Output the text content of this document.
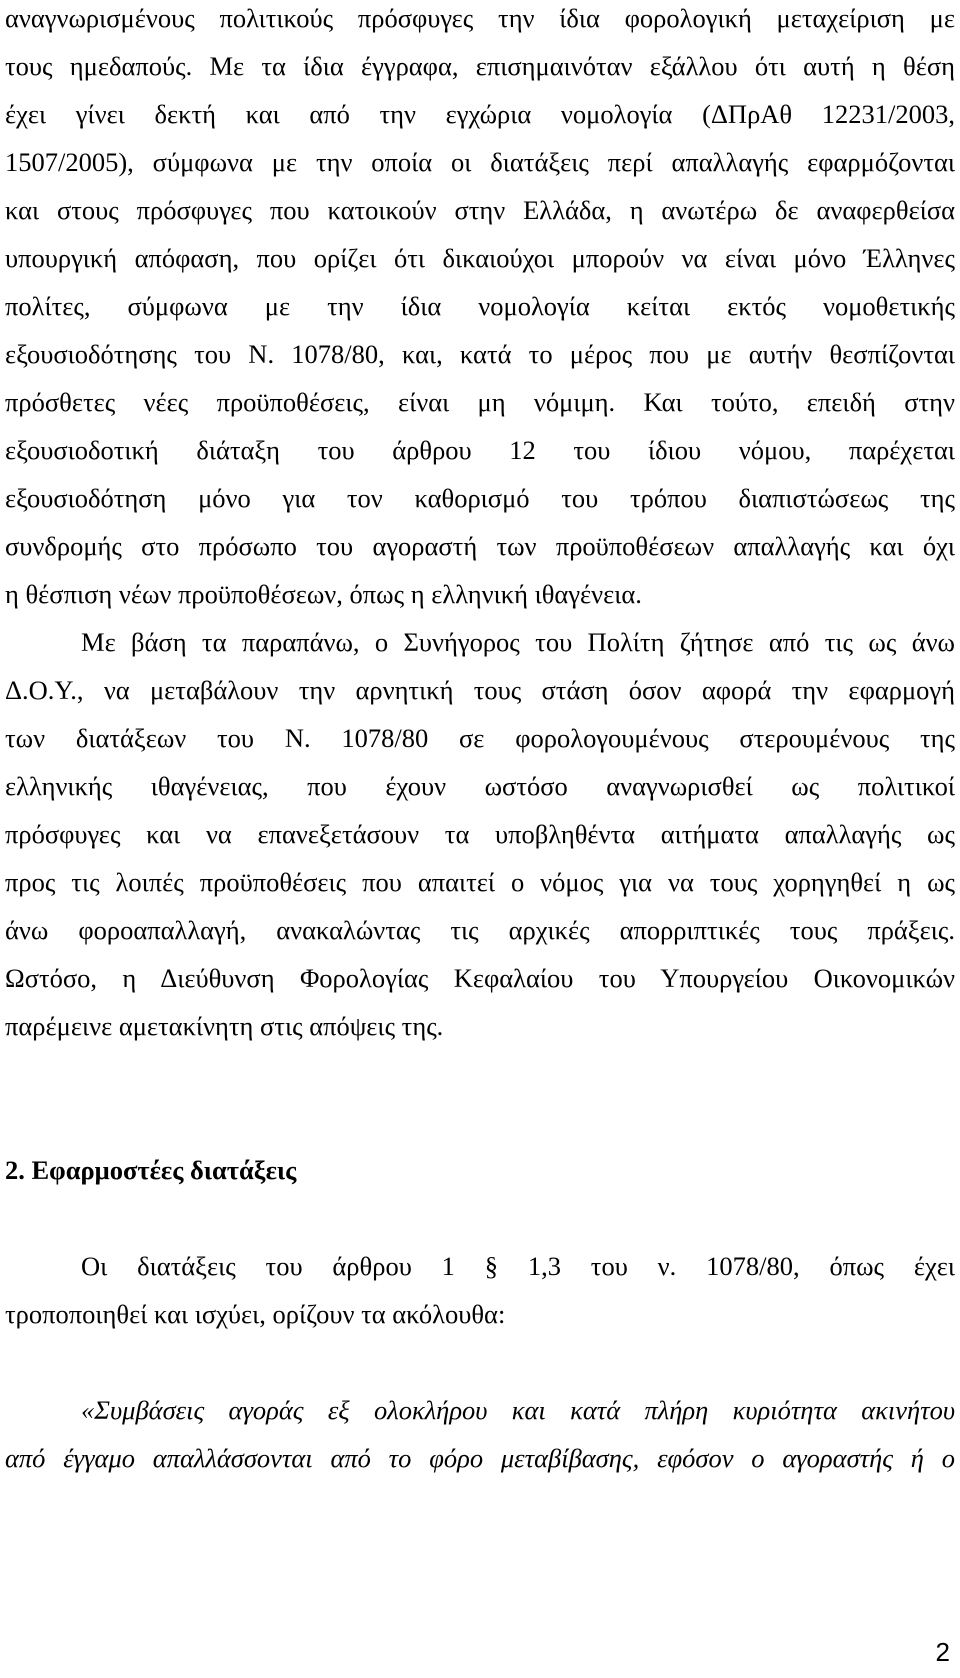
αναγνωρισμένους πολιτικούς πρόσφυγες την ίδια φορολογική μεταχείριση με
τους ημεδαπούς. Με τα ίδια έγγραφα, επισημαινόταν εξάλλου ότι αυτή η θέση
έχει γίνει δεκτή και από την εγχώρια νομολογία (ΔΠρΑθ 12231/2003,
1507/2005), σύμφωνα με την οποία οι διατάξεις περί απαλλαγής εφαρμόζονται
και στους πρόσφυγες που κατοικούν στην Ελλάδα, η ανωτέρω δε αναφερθείσα
υπουργική απόφαση, που ορίζει ότι δικαιούχοι μπορούν να είναι μόνο Έλληνες
πολίτες, σύμφωνα με την ίδια νομολογία κείται εκτός νομοθετικής
εξουσιοδότησης του Ν. 1078/80, και, κατά το μέρος που με αυτήν θεσπίζονται
πρόσθετες νέες προϋποθέσεις, είναι μη νόμιμη. Και τούτο, επειδή στην
εξουσιοδοτική διάταξη του άρθρου 12 του ίδιου νόμου, παρέχεται
εξουσιοδότηση μόνο για τον καθορισμό του τρόπου διαπιστώσεως της
συνδρομής στο πρόσωπο του αγοραστή των προϋποθέσεων απαλλαγής και όχι
η θέσπιση νέων προϋποθέσεων, όπως η ελληνική ιθαγένεια.
Με βάση τα παραπάνω, ο Συνήγορος του Πολίτη ζήτησε από τις ως άνω
Δ.Ο.Υ., να μεταβάλουν την αρνητική τους στάση όσον αφορά την εφαρμογή
των διατάξεων του Ν. 1078/80 σε φορολογουμένους στερουμένους της
ελληνικής ιθαγένειας, που έχουν ωστόσο αναγνωρισθεί ως πολιτικοί
πρόσφυγες και να επανεξετάσουν τα υποβληθέντα αιτήματα απαλλαγής ως
προς τις λοιπές προϋποθέσεις που απαιτεί ο νόμος για να τους χορηγηθεί η ως
άνω φοροαπαλλαγή, ανακαλώντας τις αρχικές απορριπτικές τους πράξεις.
Ωστόσο, η Διεύθυνση Φορολογίας Κεφαλαίου του Υπουργείου Οικονομικών
παρέμεινε αμετακίνητη στις απόψεις της.
2. Εφαρμοστέες διατάξεις
Οι διατάξεις του άρθρου 1 § 1,3 του ν. 1078/80, όπως έχει
τροποποιηθεί και ισχύει, ορίζουν τα ακόλουθα:
«Συμβάσεις αγοράς εξ ολοκλήρου και κατά πλήρη κυριότητα ακινήτου
από έγγαμο απαλλάσσονται από το φόρο μεταβίβασης, εφόσον ο αγοραστής ή ο
2
